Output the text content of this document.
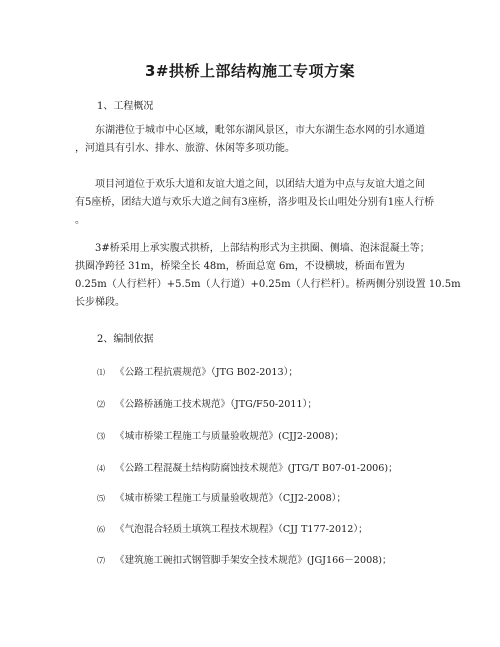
3#拱桥上部结构施工专项方案
1、工程概况
东湖港位于城市中心区域，毗邻东湖风景区，市大东湖生态水网的引水通道
，河道具有引水、排水、旅游、休闲等多项功能。
项目河道位于欢乐大道和友谊大道之间，以团结大道为中点与友谊大道之间
有5座桥，团结大道与欢乐大道之间有3座桥，洛步咀及长山咀处分别有1座人行桥
。
3#桥采用上承实腹式拱桥，上部结构形式为主拱圈、侧墙、泡沫混凝土等；
拱圈净跨径 31m，桥梁全长 48m，桥面总宽 6m，不设横坡，桥面布置为
0.25m（人行栏杆）+5.5m（人行道）+0.25m（人行栏杆）。桥两侧分别设置 10.5m
长步梯段。
2、编制依据
⑴ 《公路工程抗震规范》（JTG B02-2013）；
⑵ 《公路桥涵施工技术规范》（JTG/F50-2011）；
⑶ 《城市桥梁工程施工与质量验收规范》(CJJ2-2008)；
⑷ 《公路工程混凝土结构防腐蚀技术规范》(JTG/T B07-01-2006)；
⑸ 《城市桥梁工程施工与质量验收规范》（CJJ2-2008）；
⑹ 《气泡混合轻质土填筑工程技术规程》（CJJ T177-2012）；
⑺ 《建筑施工碗扣式钢管脚手架安全技术规范》(JGJ166－2008)；
